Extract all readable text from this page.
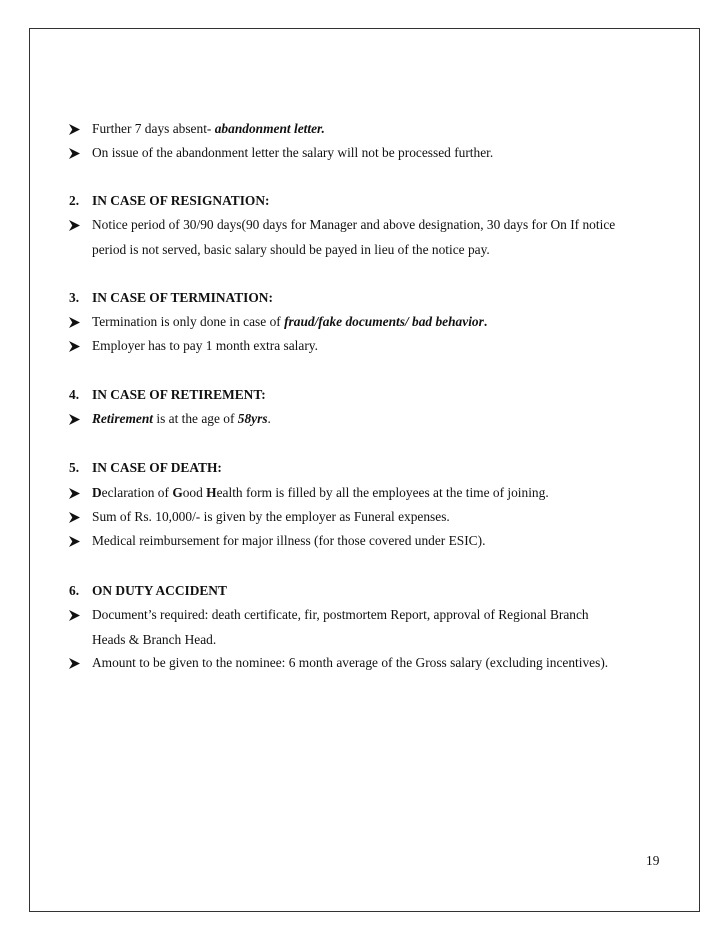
Further 7 days absent- abandonment letter.
On issue of the abandonment letter the salary will not be processed further.
2. IN CASE OF RESIGNATION:
Notice period of 30/90 days(90 days for Manager and above designation, 30 days for On If notice
period is not served, basic salary should be payed in lieu of the notice pay.
3. IN CASE OF TERMINATION:
Termination is only done in case of fraud/fake documents/ bad behavior.
Employer has to pay 1 month extra salary.
4. IN CASE OF RETIREMENT:
Retirement is at the age of 58yrs.
5. IN CASE OF DEATH:
Declaration of Good Health form is filled by all the employees at the time of joining.
Sum of Rs. 10,000/- is given by the employer as Funeral expenses.
Medical reimbursement for major illness (for those covered under ESIC).
6. ON DUTY ACCIDENT
Document’s required: death certificate, fir, postmortem Report, approval of Regional Branch
Heads & Branch Head.
Amount to be given to the nominee: 6 month average of the Gross salary (excluding incentives).
19
